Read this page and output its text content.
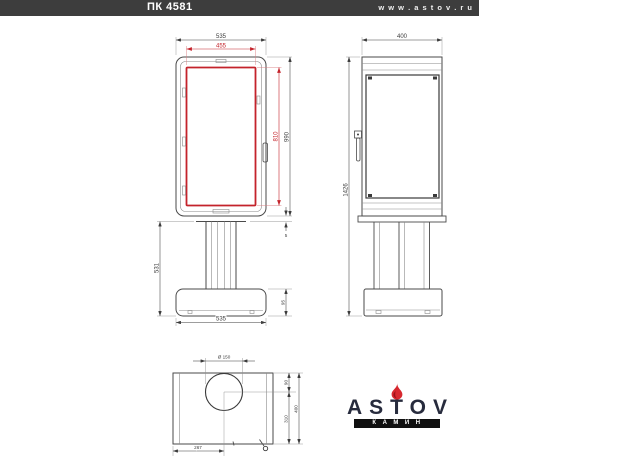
ПК 4581	w w w . a s t o v . r u
535
455
810 990
5
531
95
535
400
1426
Ø 150
90
310
400
267
ASTOV
КАМИН
